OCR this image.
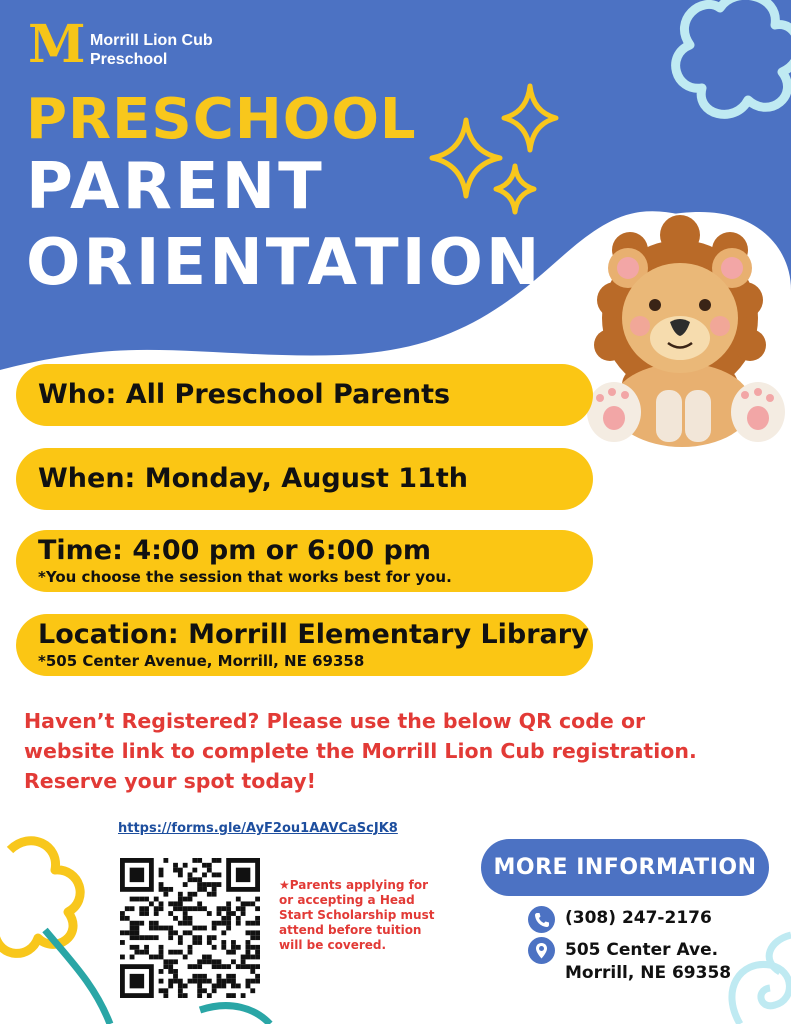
M Morrill Lion Cub
Preschool
PRESCHOOL
PARENT
ORIENTATION
Who: All Preschool Parents
When: Monday, August 11th
Time: 4:00 pm or 6:00 pm
*You choose the session that works best for you.
Location: Morrill Elementary Library
*505 Center Avenue, Morrill, NE 69358
Haven’t Registered? Please use the below QR code or
website link to complete the Morrill Lion Cub registration.
Reserve your spot today!
https://forms.gle/AyF2ou1AAVCaScJK8
★Parents applying for
or accepting a Head
Start Scholarship must
attend before tuition
will be covered.
MORE INFORMATION
(308) 247-2176
505 Center Ave.
Morrill, NE 69358
